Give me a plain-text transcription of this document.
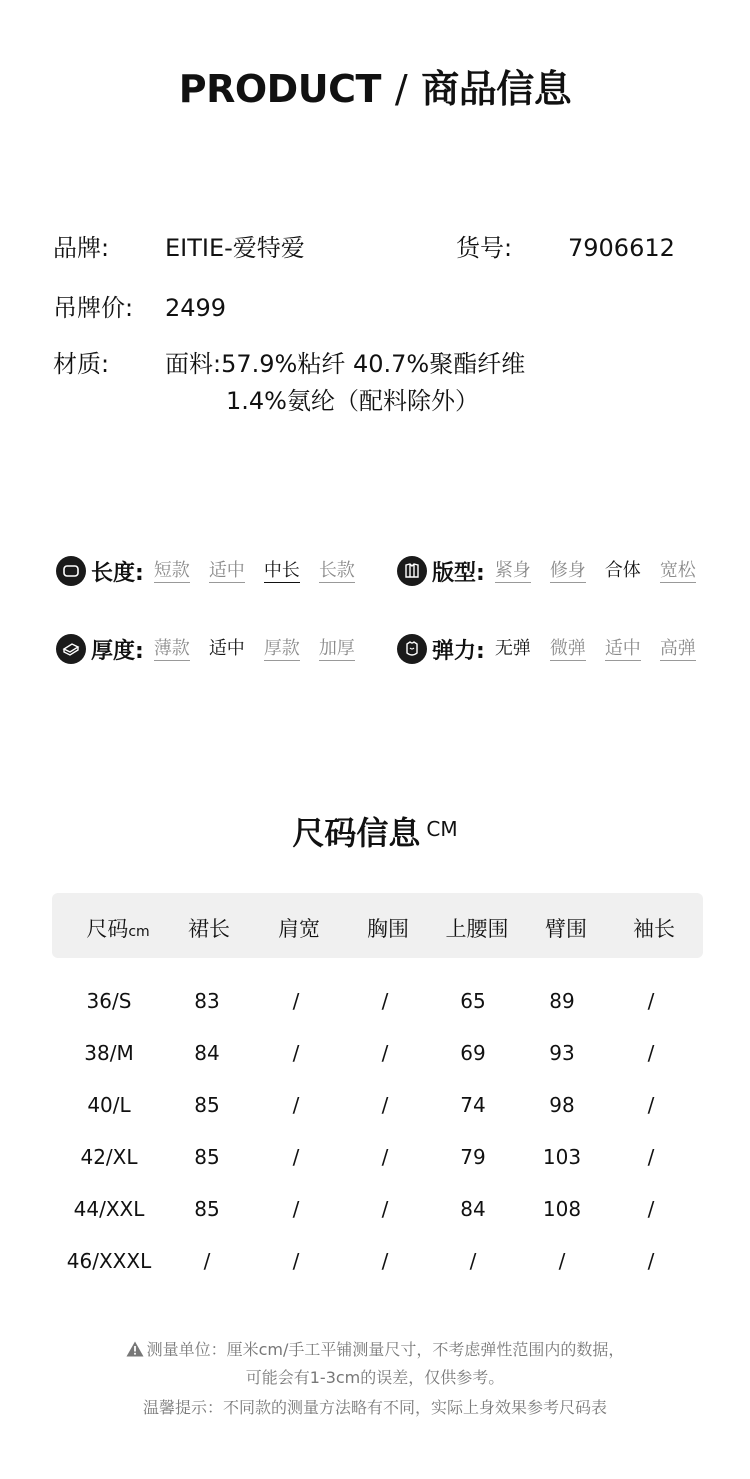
PRODUCT / 商品信息
品牌: EITIE-爱特爱	货号: 7906612
吊牌价: 2499
材质: 面料:57.9%粘纤 40.7%聚酯纤维
1.4%氨纶（配料除外）
长度: 短款 适中 中长 长款	版型: 紧身 修身 合体 宽松
厚度: 薄款 适中 厚款 加厚	弹力: 无弹 微弹 适中 高弹
尺码信息 CM
尺码cm	裙长	肩宽	胸围	上腰围	臂围	袖长
36/S	83	/	/	65	89	/
38/M	84	/	/	69	93	/
40/L	85	/	/	74	98	/
42/XL	85	/	/	79	103	/
44/XXL	85	/	/	84	108	/
46/XXXL	/	/	/	/	/	/
测量单位：厘米cm/手工平铺测量尺寸，不考虑弹性范围内的数据，
可能会有1-3cm的误差，仅供参考。
温馨提示：不同款的测量方法略有不同，实际上身效果参考尺码表
